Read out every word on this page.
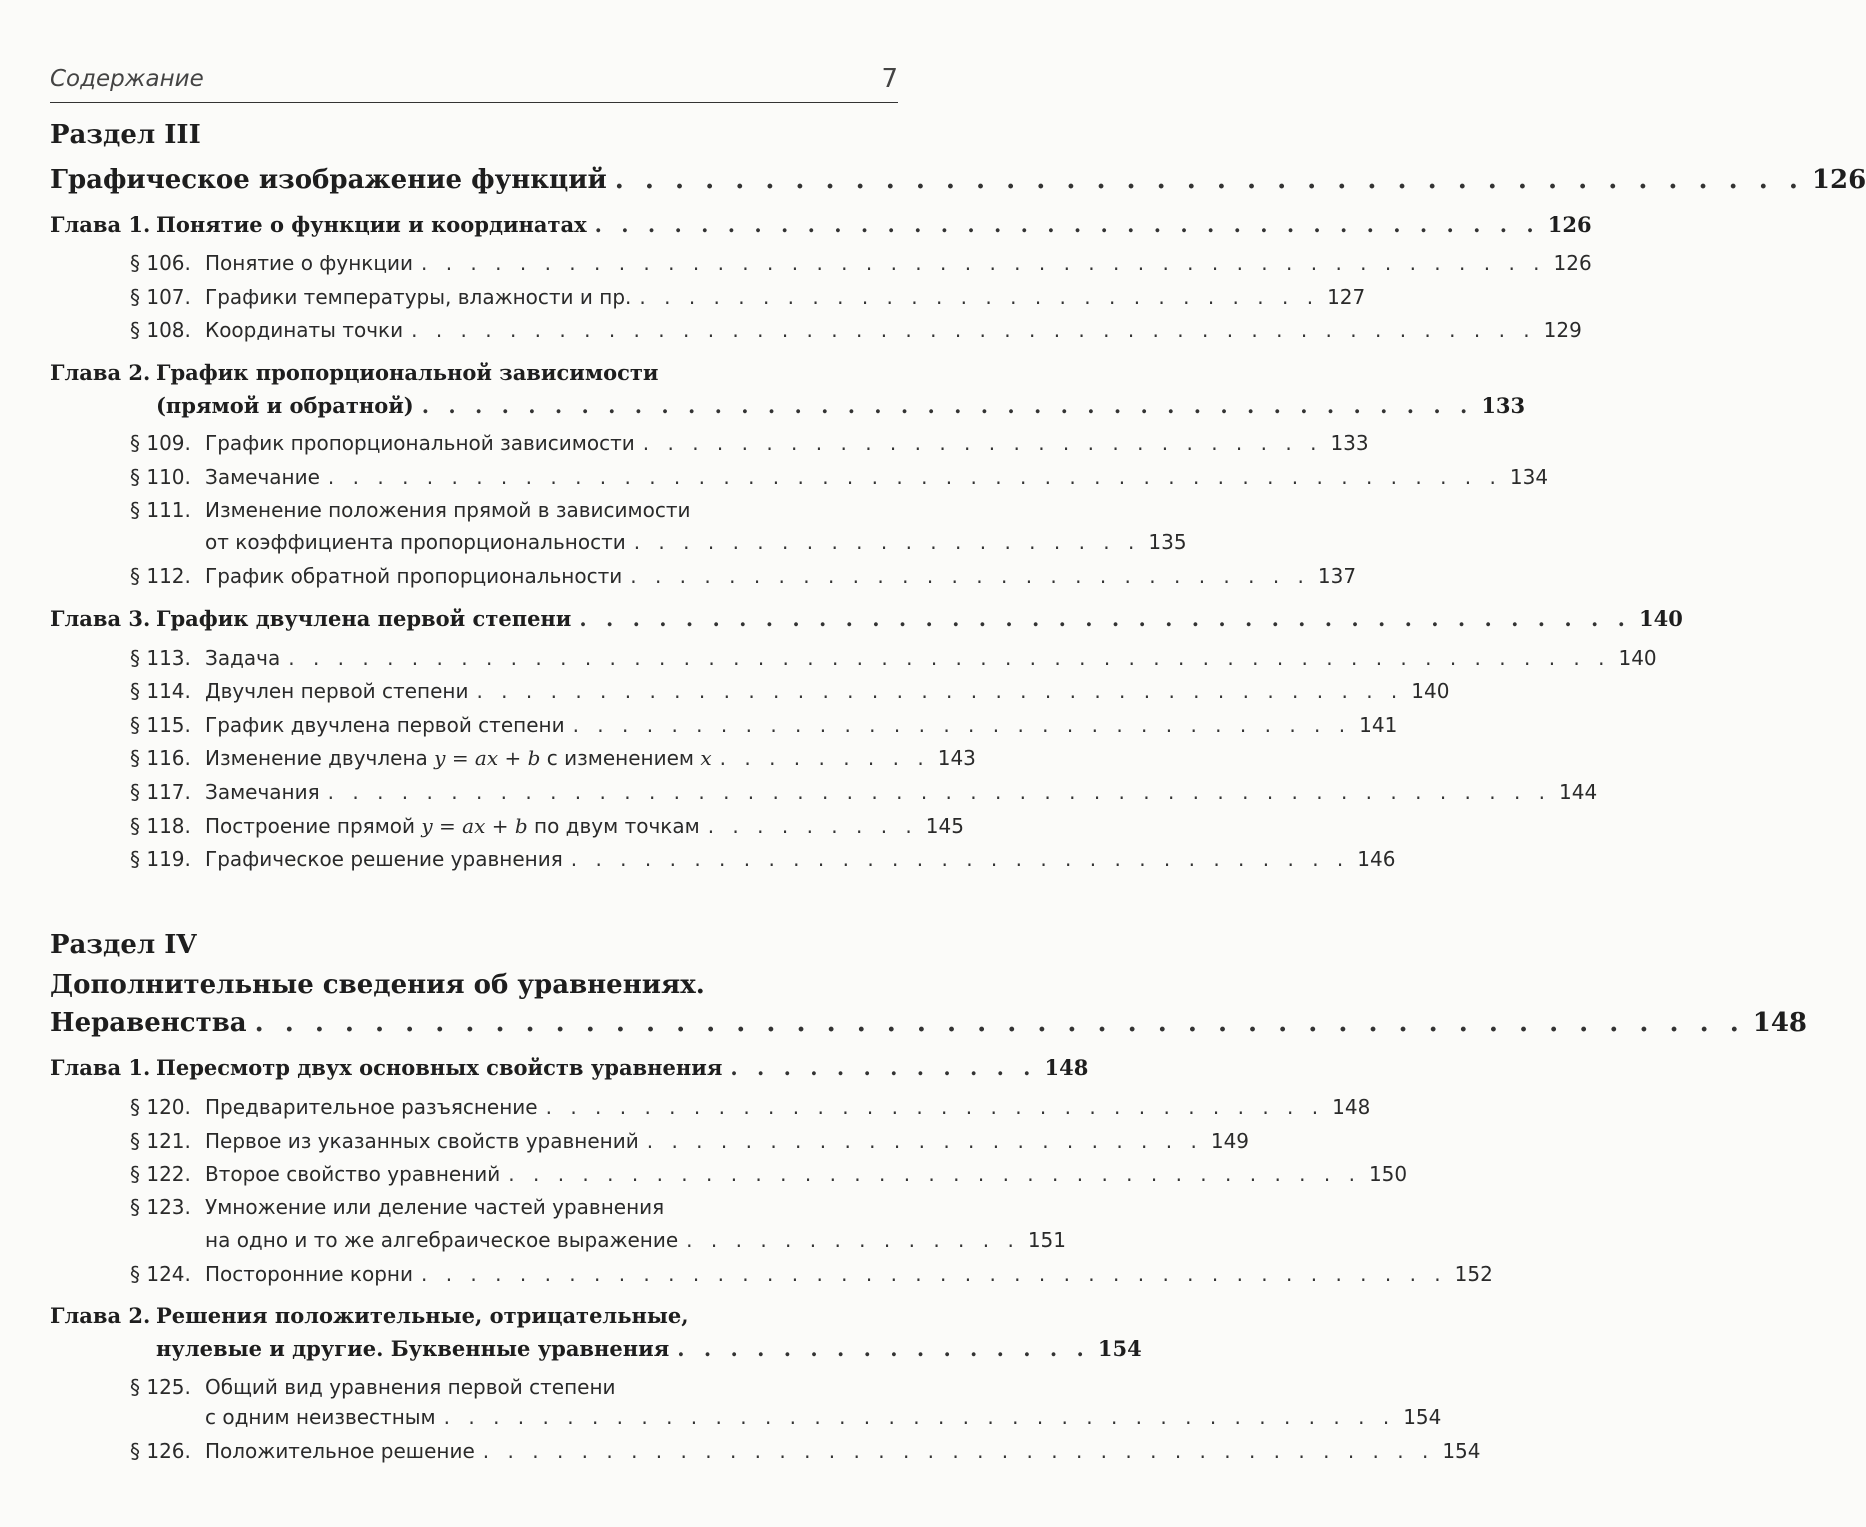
Содержание	7
Раздел III
Графическое изображение функций . . . . . . . . . . . . . . . . . . . . . . . . . . . . . . . . . . . . . . . . 126
Глава 1. Понятие о функции и координатах . . . . . . . . . . . . . . . . . . . . . . . . . . . . . . . . . . . . 126
§ 106. Понятие о функции . . . . . . . . . . . . . . . . . . . . . . . . . . . . . . . . . . . . . . . . . . . . . . 126
§ 107. Графики температуры, влажности и пр. . . . . . . . . . . . . . . . . . . . . . . . . . . . . 127
§ 108. Координаты точки . . . . . . . . . . . . . . . . . . . . . . . . . . . . . . . . . . . . . . . . . . . . . . 129
Глава 2. График пропорциональной зависимости
(прямой и обратной) . . . . . . . . . . . . . . . . . . . . . . . . . . . . . . . . . . . . . . . . 133
§ 109. График пропорциональной зависимости . . . . . . . . . . . . . . . . . . . . . . . . . . . . 133
§ 110. Замечание . . . . . . . . . . . . . . . . . . . . . . . . . . . . . . . . . . . . . . . . . . . . . . . . 134
§ 111. Изменение положения прямой в зависимости
от коэффициента пропорциональности . . . . . . . . . . . . . . . . . . . . . 135
§ 112. График обратной пропорциональности . . . . . . . . . . . . . . . . . . . . . . . . . . . . 137
Глава 3. График двучлена первой степени . . . . . . . . . . . . . . . . . . . . . . . . . . . . . . . . . . . . . . . . 140
§ 113. Задача . . . . . . . . . . . . . . . . . . . . . . . . . . . . . . . . . . . . . . . . . . . . . . . . . . . . . . 140
§ 114. Двучлен первой степени . . . . . . . . . . . . . . . . . . . . . . . . . . . . . . . . . . . . . . 140
§ 115. График двучлена первой степени . . . . . . . . . . . . . . . . . . . . . . . . . . . . . . . . 141
§ 116. Изменение двучлена y = ax + b с изменением x . . . . . . . . . 143
§ 117. Замечания . . . . . . . . . . . . . . . . . . . . . . . . . . . . . . . . . . . . . . . . . . . . . . . . . . 144
§ 118. Построение прямой y = ax + b по двум точкам . . . . . . . . . 145
§ 119. Графическое решение уравнения . . . . . . . . . . . . . . . . . . . . . . . . . . . . . . . . 146
Раздел IV
Дополнительные сведения об уравнениях.
Неравенства . . . . . . . . . . . . . . . . . . . . . . . . . . . . . . . . . . . . . . . . . . . . . . . . . . 148
Глава 1. Пересмотр двух основных свойств уравнения . . . . . . . . . . . . 148
§ 120. Предварительное разъяснение . . . . . . . . . . . . . . . . . . . . . . . . . . . . . . . . 148
§ 121. Первое из указанных свойств уравнений . . . . . . . . . . . . . . . . . . . . . . . 149
§ 122. Второе свойство уравнений . . . . . . . . . . . . . . . . . . . . . . . . . . . . . . . . . . . 150
§ 123. Умножение или деление частей уравнения
на одно и то же алгебраическое выражение . . . . . . . . . . . . . . 151
§ 124. Посторонние корни . . . . . . . . . . . . . . . . . . . . . . . . . . . . . . . . . . . . . . . . . . 152
Глава 2. Решения положительные, отрицательные,
нулевые и другие. Буквенные уравнения . . . . . . . . . . . . . . . . 154
§ 125. Общий вид уравнения первой степени
с одним неизвестным . . . . . . . . . . . . . . . . . . . . . . . . . . . . . . . . . . . . . . . 154
§ 126. Положительное решение . . . . . . . . . . . . . . . . . . . . . . . . . . . . . . . . . . . . . . . 154
